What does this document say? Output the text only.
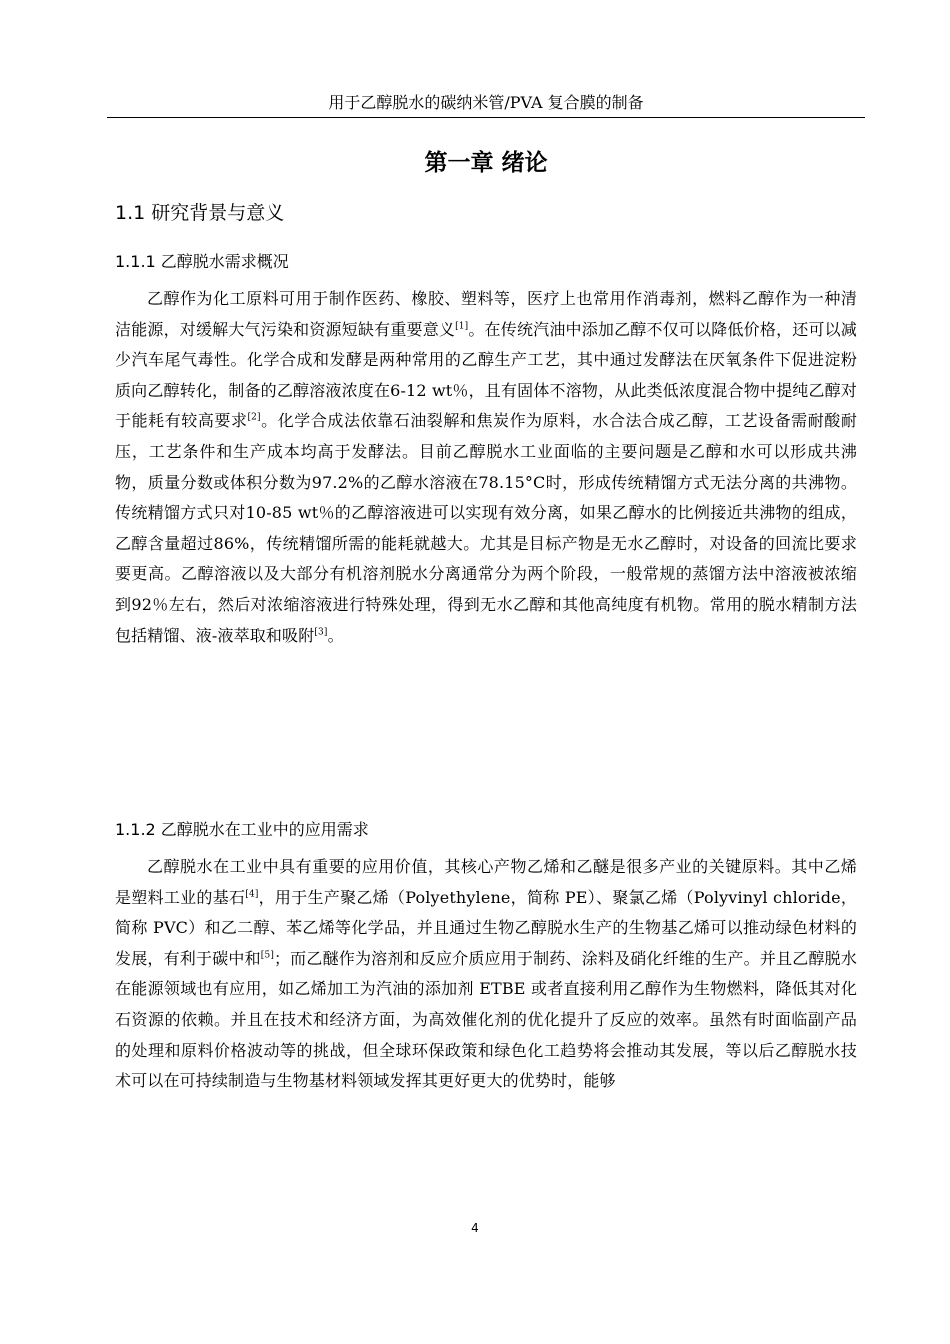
用于乙醇脱水的碳纳米管/PVA 复合膜的制备
第一章 绪论
1.1 研究背景与意义
1.1.1 乙醇脱水需求概况

乙醇作为化工原料可用于制作医药、橡胶、塑料等，医疗上也常用作消毒剂，燃料乙醇作为一种清洁能源，对缓解大气污染和资源短缺有重要意义[1]。在传统汽油中添加乙醇不仅可以降低价格，还可以减少汽车尾气毒性。化学合成和发酵是两种常用的乙醇生产工艺，其中通过发酵法在厌氧条件下促进淀粉质向乙醇转化，制备的乙醇溶液浓度在6-12 wt％，且有固体不溶物，从此类低浓度混合物中提纯乙醇对于能耗有较高要求[2]。化学合成法依靠石油裂解和焦炭作为原料，水合法合成乙醇，工艺设备需耐酸耐压，工艺条件和生产成本均高于发酵法。目前乙醇脱水工业面临的主要问题是乙醇和水可以形成共沸物，质量分数或体积分数为97.2%的乙醇水溶液在78.15°C时，形成传统精馏方式无法分离的共沸物。传统精馏方式只对10-85 wt％的乙醇溶液进可以实现有效分离，如果乙醇水的比例接近共沸物的组成，乙醇含量超过86%，传统精馏所需的能耗就越大。尤其是目标产物是无水乙醇时，对设备的回流比要求要更高。乙醇溶液以及大部分有机溶剂脱水分离通常分为两个阶段，一般常规的蒸馏方法中溶液被浓缩到92％左右，然后对浓缩溶液进行特殊处理，得到无水乙醇和其他高纯度有机物。常用的脱水精制方法包括精馏、液-液萃取和吸附[3]。

1.1.2 乙醇脱水在工业中的应用需求

乙醇脱水在工业中具有重要的应用价值，其核心产物乙烯和乙醚是很多产业的关键原料。其中乙烯是塑料工业的基石[4]，用于生产聚乙烯（Polyethylene，简称 PE）、聚氯乙烯（Polyvinyl chloride，简称 PVC）和乙二醇、苯乙烯等化学品，并且通过生物乙醇脱水生产的生物基乙烯可以推动绿色材料的发展，有利于碳中和[5]；而乙醚作为溶剂和反应介质应用于制药、涂料及硝化纤维的生产。并且乙醇脱水在能源领域也有应用，如乙烯加工为汽油的添加剂 ETBE 或者直接利用乙醇作为生物燃料，降低其对化石资源的依赖。并且在技术和经济方面，为高效催化剂的优化提升了反应的效率。虽然有时面临副产品的处理和原料价格波动等的挑战，但全球环保政策和绿色化工趋势将会推动其发展，等以后乙醇脱水技术可以在可持续制造与生物基材料领域发挥其更好更大的优势时，能够

4
